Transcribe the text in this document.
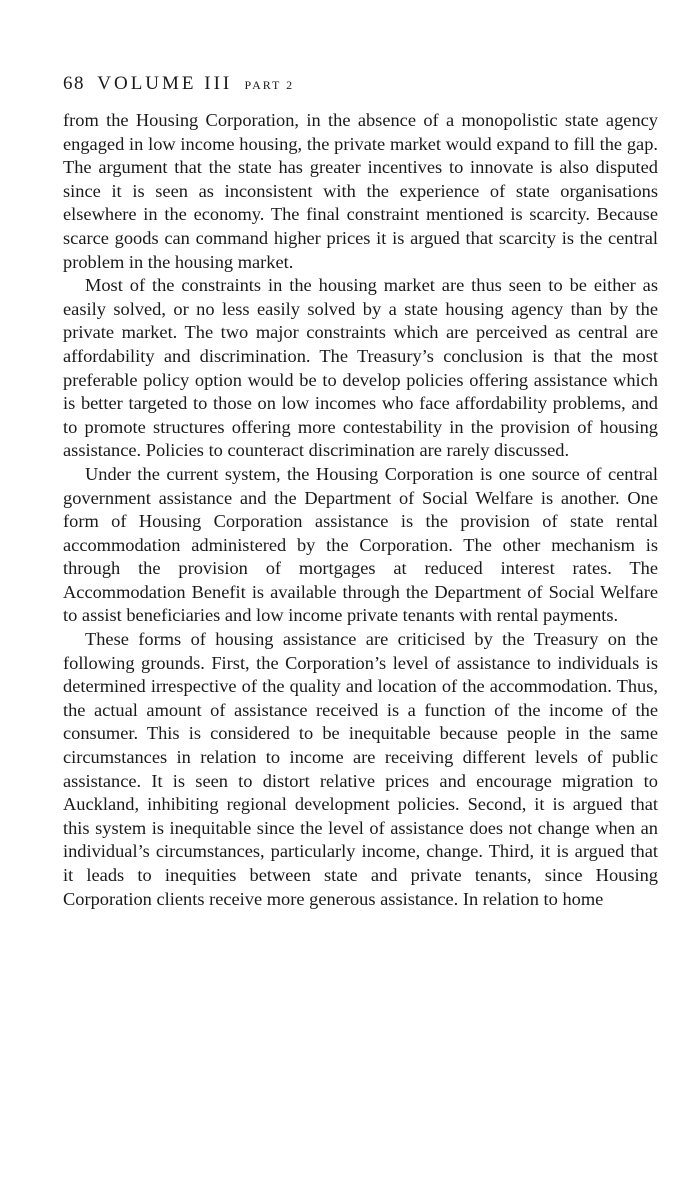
68 VOLUME III PART 2

from the Housing Corporation, in the absence of a monopolistic state agency engaged in low income housing, the private market would expand to fill the gap. The argument that the state has greater incentives to innovate is also disputed since it is seen as inconsistent with the experience of state organisations elsewhere in the economy. The final constraint mentioned is scarcity. Because scarce goods can command higher prices it is argued that scarcity is the central problem in the housing market.

Most of the constraints in the housing market are thus seen to be either as easily solved, or no less easily solved by a state housing agency than by the private market. The two major constraints which are perceived as central are affordability and discrimination. The Treasury’s conclusion is that the most preferable policy option would be to develop policies offering assistance which is better targeted to those on low incomes who face affordability problems, and to promote structures offering more contestability in the provision of housing assistance. Policies to counteract discrimination are rarely discussed.

Under the current system, the Housing Corporation is one source of central government assistance and the Department of Social Welfare is another. One form of Housing Corporation assistance is the provision of state rental accommodation administered by the Corporation. The other mechanism is through the provision of mortgages at reduced interest rates. The Accommodation Benefit is available through the Department of Social Welfare to assist beneficiaries and low income private tenants with rental payments.

These forms of housing assistance are criticised by the Treasury on the following grounds. First, the Corporation’s level of assistance to individuals is determined irrespective of the quality and location of the accommodation. Thus, the actual amount of assistance received is a function of the income of the consumer. This is considered to be inequitable because people in the same circumstances in relation to income are receiving different levels of public assistance. It is seen to distort relative prices and encourage migration to Auckland, inhibiting regional development policies. Second, it is argued that this system is inequitable since the level of assistance does not change when an individual’s circumstances, particularly income, change. Third, it is argued that it leads to inequities between state and private tenants, since Housing Corporation clients receive more generous assistance. In relation to home
